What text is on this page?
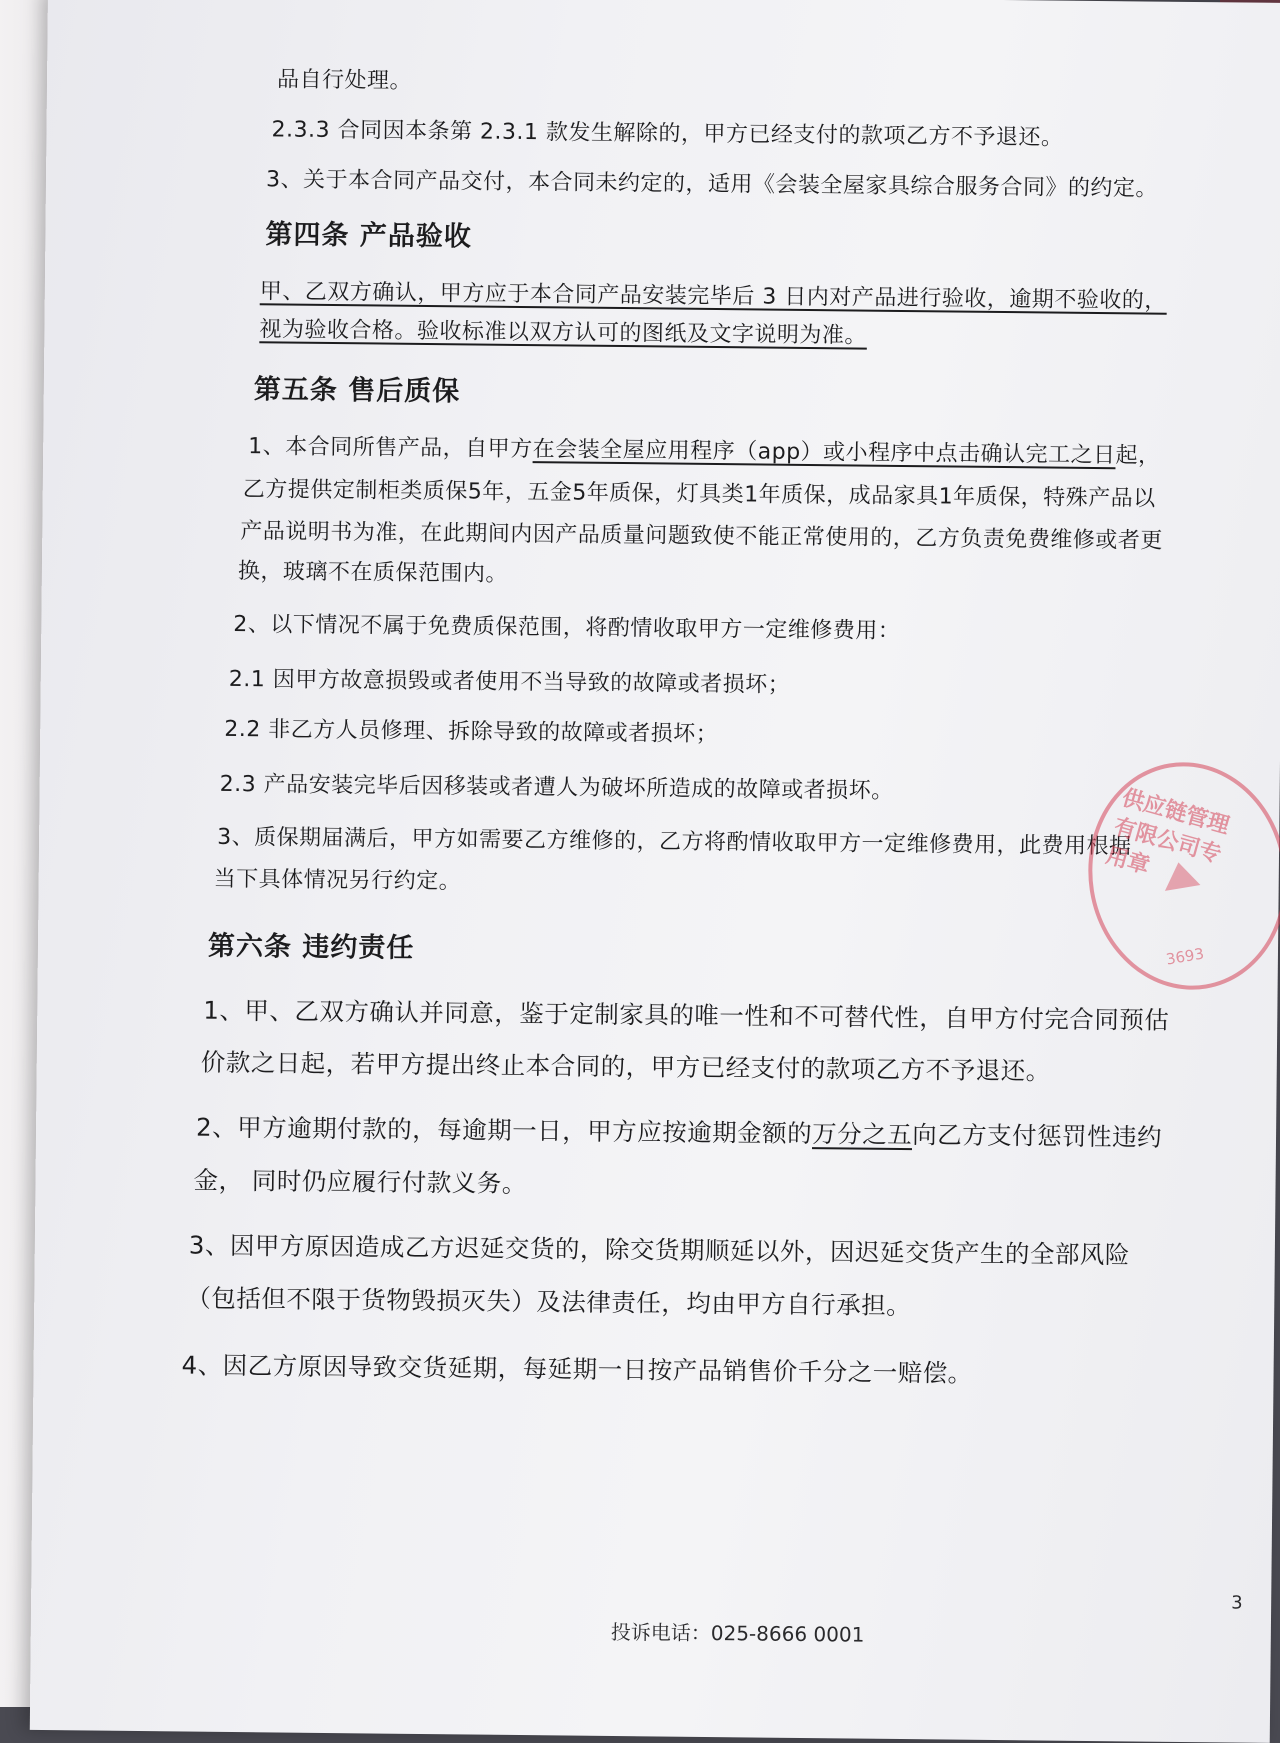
品自行处理。
2.3.3 合同因本条第 2.3.1 款发生解除的，甲方已经支付的款项乙方不予退还。
3、关于本合同产品交付，本合同未约定的，适用《会装全屋家具综合服务合同》的约定。
第四条 产品验收
甲、乙双方确认，甲方应于本合同产品安装完毕后 3 日内对产品进行验收，逾期不验收的，
视为验收合格。验收标准以双方认可的图纸及文字说明为准。
第五条 售后质保
1、本合同所售产品，自甲方在会装全屋应用程序（app）或小程序中点击确认完工之日起，
乙方提供定制柜类质保5年，五金5年质保，灯具类1年质保，成品家具1年质保，特殊产品以
产品说明书为准，在此期间内因产品质量问题致使不能正常使用的，乙方负责免费维修或者更
换，玻璃不在质保范围内。
2、以下情况不属于免费质保范围，将酌情收取甲方一定维修费用：
2.1 因甲方故意损毁或者使用不当导致的故障或者损坏；
2.2 非乙方人员修理、拆除导致的故障或者损坏；
2.3 产品安装完毕后因移装或者遭人为破坏所造成的故障或者损坏。
3、质保期届满后，甲方如需要乙方维修的，乙方将酌情收取甲方一定维修费用，此费用根据
当下具体情况另行约定。
第六条 违约责任
1、甲、乙双方确认并同意，鉴于定制家具的唯一性和不可替代性，自甲方付完合同预估
价款之日起，若甲方提出终止本合同的，甲方已经支付的款项乙方不予退还。
2、甲方逾期付款的，每逾期一日，甲方应按逾期金额的万分之五向乙方支付惩罚性违约
金， 同时仍应履行付款义务。
3、因甲方原因造成乙方迟延交货的，除交货期顺延以外，因迟延交货产生的全部风险
（包括但不限于货物毁损灭失）及法律责任，均由甲方自行承担。
4、因乙方原因导致交货延期，每延期一日按产品销售价千分之一赔偿。
供应链管理有限公司专用章
3693
投诉电话：025-8666 0001
3
